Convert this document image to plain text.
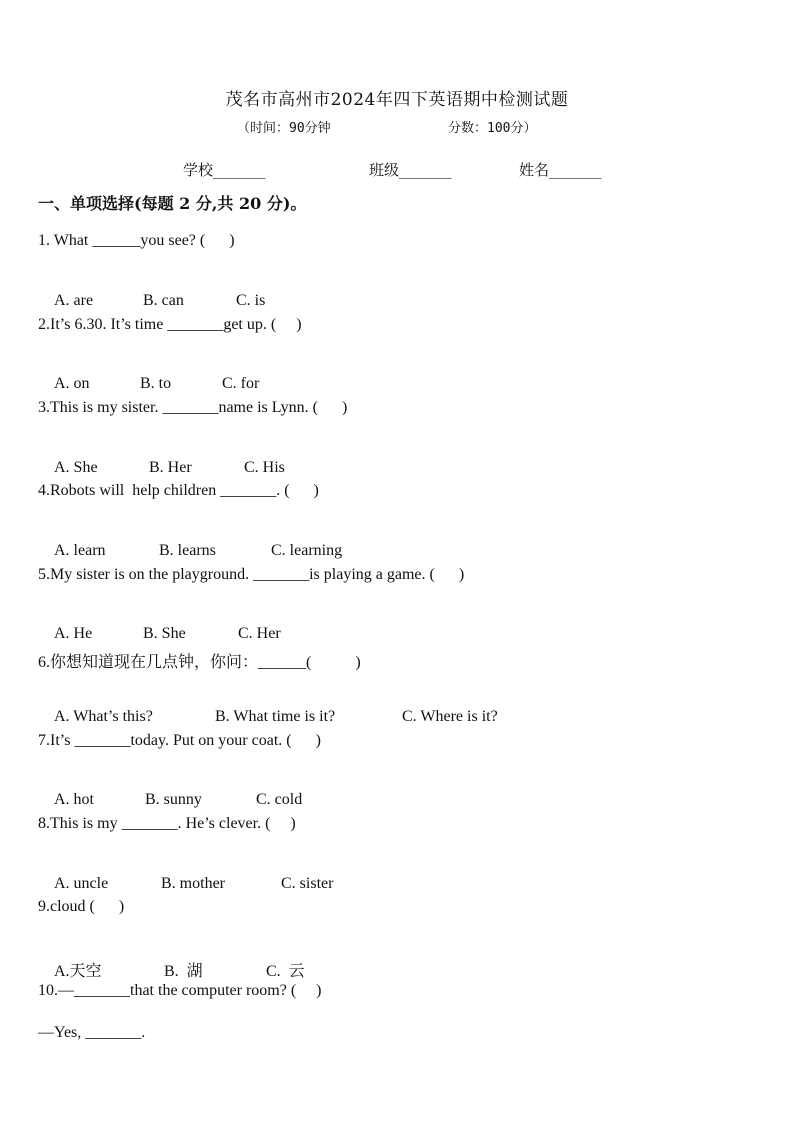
茂名市高州市2024年四下英语期中检测试题
（时间：90分钟	分数：100分）
学校_______	班级_______	姓名_______
一、单项选择(每题 2 分,共 20 分)。
1. What ______you see? (      )

A. are	B. can	C. is

2.It’s 6.30. It’s time _______get up. (     )

A. on	B. to	C. for

3.This is my sister. _______name is Lynn. (      )

A. She	B. Her	C. His

4.Robots will  help children _______. (      )

A. learn	B. learns	C. learning

5.My sister is on the playground. _______is playing a game. (      )

A. He	B. She	C. Her

6.你想知道现在几点钟，你问：______(           )

A. What’s this?	B. What time is it?	C. Where is it?

7.It’s _______today. Put on your coat. (      )

A. hot	B. sunny	C. cold

8.This is my _______. He’s clever. (     )

A. uncle	B. mother	C. sister

9.cloud (      )

A.天空	B.  湖	C.  云

10.—_______that the computer room? (     )
—Yes, _______.
